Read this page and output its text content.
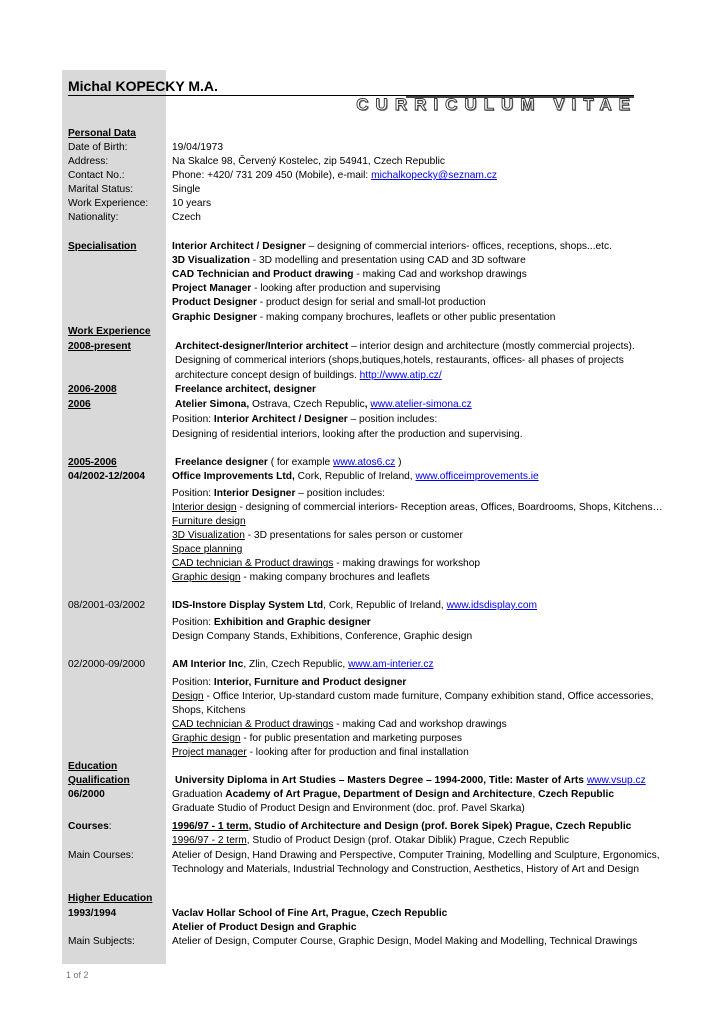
Michal KOPECKY M.A.
CURRICULUM VITAE
Personal Data
Date of Birth:	19/04/1973
Address:	Na Skalce 98, Červený Kostelec, zip 54941, Czech Republic
Contact No.:	Phone: +420/ 731 209 450 (Mobile), e-mail: michalkopecky@seznam.cz
Marital Status:	Single
Work Experience: 10 years
Nationality:	Czech
Specialisation	Interior Architect / Designer – designing of commercial interiors- offices, receptions, shops...etc.
3D Visualization - 3D modelling and presentation using CAD and 3D software
CAD Technician and Product drawing - making Cad and workshop drawings
Project Manager - looking after production and supervising
Product Designer - product design for serial and small-lot production
Graphic Designer - making company brochures, leaflets or other public presentation
Work Experience
2008-present	Architect-designer/Interior architect – interior design and architecture (mostly commercial projects).
Designing of commerical interiors (shops,butiques,hotels, restaurants, offices- all phases of projects
architecture concept design of buildings. http://www.atip.cz/
2006-2008	Freelance architect, designer
2006	Atelier Simona, Ostrava, Czech Republic, www.atelier-simona.cz
Position: Interior Architect / Designer – position includes:
Designing of residential interiors, looking after the production and supervising.
2005-2006	Freelance designer ( for example www.atos6.cz )
04/2002-12/2004	Office Improvements Ltd, Cork, Republic of Ireland, www.officeimprovements.ie
Position: Interior Designer – position includes:
Interior design - designing of commercial interiors- Reception areas, Offices, Boardrooms, Shops, Kitchens…
Furniture design
3D Visualization - 3D presentations for sales person or customer
Space planning
CAD technician & Product drawings - making drawings for workshop
Graphic design - making company brochures and leaflets
08/2001-03/2002	IDS-Instore Display System Ltd, Cork, Republic of Ireland, www.idsdisplay.com
Position: Exhibition and Graphic designer
Design Company Stands, Exhibitions, Conference, Graphic design
02/2000-09/2000	AM Interior Inc, Zlin, Czech Republic, www.am-interier.cz
Position: Interior, Furniture and Product designer
Design - Office Interior, Up-standard custom made furniture, Company exhibition stand, Office accessories,
Shops, Kitchens
CAD technician & Product drawings - making Cad and workshop drawings
Graphic design - for public presentation and marketing purposes
Project manager - looking after for production and final installation
Education
Qualification	University Diploma in Art Studies – Masters Degree – 1994-2000, Title: Master of Arts www.vsup.cz
06/2000	Graduation Academy of Art Prague, Department of Design and Architecture, Czech Republic
Graduate Studio of Product Design and Environment (doc. prof. Pavel Skarka)
Courses:	1996/97 - 1 term, Studio of Architecture and Design (prof. Borek Sipek) Prague, Czech Republic
1996/97 - 2 term, Studio of Product Design (prof. Otakar Diblik) Prague, Czech Republic
Main Courses:	Atelier of Design, Hand Drawing and Perspective, Computer Training, Modelling and Sculpture, Ergonomics,
Technology and Materials, Industrial Technology and Construction, Aesthetics, History of Art and Design
Higher Education
1993/1994	Vaclav Hollar School of Fine Art, Prague, Czech Republic
Atelier of Product Design and Graphic
Main Subjects:	Atelier of Design, Computer Course, Graphic Design, Model Making and Modelling, Technical Drawings
1 of 2
